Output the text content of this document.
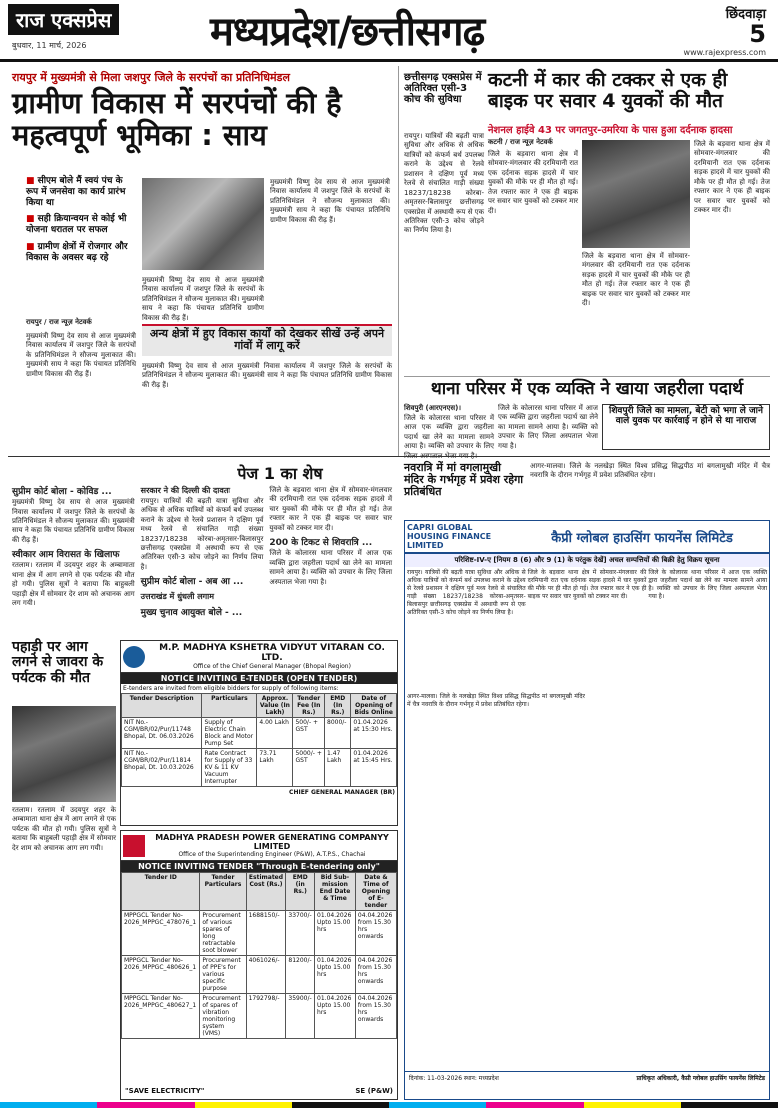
राज एक्सप्रेस
बुधवार, 11 मार्च, 2026	मध्यप्रदेश/छत्तीसगढ़	छिंदवाड़ा
5
www.rajexpress.com
रायपुर में मुख्यमंत्री से मिला जशपुर जिले के सरपंचों का प्रतिनिधिमंडल
ग्रामीण विकास में सरपंचों की है महत्वपूर्ण भूमिका : साय
■ सीएम बोले मैं स्वयं पंच के रूप में जनसेवा का कार्य प्रारंभ किया था
■ सही क्रियान्वयन से कोई भी योजना धरातल पर सफल
■ ग्रामीण क्षेत्रों में रोजगार और विकास के अवसर बढ़ रहे
रायपुर / राज न्यूज़ नेटवर्क
मुख्यमंत्री विष्णु देव साय से आज मुख्यमंत्री निवास कार्यालय में जशपुर जिले के सरपंचों के प्रतिनिधिमंडल ने सौजन्य मुलाकात की। मुख्यमंत्री साय ने कहा कि पंचायत प्रतिनिधि ग्रामीण विकास की रीढ़ हैं।
मुख्यमंत्री विष्णु देव साय से आज मुख्यमंत्री निवास कार्यालय में जशपुर जिले के सरपंचों के प्रतिनिधिमंडल ने सौजन्य मुलाकात की। मुख्यमंत्री साय ने कहा कि पंचायत प्रतिनिधि ग्रामीण विकास की रीढ़ हैं।
मुख्यमंत्री विष्णु देव साय से आज मुख्यमंत्री निवास कार्यालय में जशपुर जिले के सरपंचों के प्रतिनिधिमंडल ने सौजन्य मुलाकात की। मुख्यमंत्री साय ने कहा कि पंचायत प्रतिनिधि ग्रामीण विकास की रीढ़ हैं।
अन्य क्षेत्रों में हुए विकास कार्यों को देखकर सीखें उन्हें अपने गांवों में लागू करें
मुख्यमंत्री विष्णु देव साय से आज मुख्यमंत्री निवास कार्यालय में जशपुर जिले के सरपंचों के प्रतिनिधिमंडल ने सौजन्य मुलाकात की। मुख्यमंत्री साय ने कहा कि पंचायत प्रतिनिधि ग्रामीण विकास की रीढ़ हैं।
छत्तीसगढ़ एक्सप्रेस में अतिरिक्त एसी-3 कोच की सुविधा
रायपुर। यात्रियों की बढ़ती यात्रा सुविधा और अधिक से अधिक यात्रियों को कंफर्म बर्थ उपलब्ध कराने के उद्देश्य से रेलवे प्रशासन ने दक्षिण पूर्व मध्य रेलवे से संचालित गाड़ी संख्या 18237/18238 कोरबा-अमृतसर-बिलासपुर छत्तीसगढ़ एक्सप्रेस में अस्थायी रूप से एक अतिरिक्त एसी-3 कोच जोड़ने का निर्णय लिया है।
कटनी में कार की टक्कर से एक ही बाइक पर सवार 4 युवकों की मौत
नेशनल हाईवे 43 पर जगतपुर-उमरिया के पास हुआ दर्दनाक हादसा
कटनी / राज न्यूज़ नेटवर्क
जिले के बड़वारा थाना क्षेत्र में सोमवार-मंगलवार की दरमियानी रात एक दर्दनाक सड़क हादसे में चार युवकों की मौके पर ही मौत हो गई। तेज रफ्तार कार ने एक ही बाइक पर सवार चार युवकों को टक्कर मार दी।
जिले के बड़वारा थाना क्षेत्र में सोमवार-मंगलवार की दरमियानी रात एक दर्दनाक सड़क हादसे में चार युवकों की मौके पर ही मौत हो गई। तेज रफ्तार कार ने एक ही बाइक पर सवार चार युवकों को टक्कर मार दी।
जिले के बड़वारा थाना क्षेत्र में सोमवार-मंगलवार की दरमियानी रात एक दर्दनाक सड़क हादसे में चार युवकों की मौके पर ही मौत हो गई। तेज रफ्तार कार ने एक ही बाइक पर सवार चार युवकों को टक्कर मार दी।
थाना परिसर में एक व्यक्ति ने खाया जहरीला पदार्थ
शिवपुरी (आरएनएस)।
जिले के कोलारस थाना परिसर में आज एक व्यक्ति द्वारा जहरीला पदार्थ खा लेने का मामला सामने आया है। व्यक्ति को उपचार के लिए
जिले के कोलारस थाना परिसर में आज एक व्यक्ति द्वारा जहरीला पदार्थ खा लेने का मामला सामने आया है। व्यक्ति को उपचार के लिए जिला अस्पताल भेजा गया है।
शिवपुरी जिले का मामला, बेटी को भगा ले जाने वाले युवक पर कार्रवाई न होने से था नाराज
पेज 1 का शेष
सुप्रीम कोर्ट बोला - कोविड ...
मुख्यमंत्री विष्णु देव साय से आज मुख्यमंत्री निवास कार्यालय में जशपुर जिले के सरपंचों के प्रतिनिधिमंडल ने सौजन्य मुलाकात की। मुख्यमंत्री साय ने कहा कि पंचायत प्रतिनिधि ग्रामीण विकास की रीढ़ हैं।
स्वीकार आम विरासत के खिलाफ
रतलाम। रतलाम में उदयपुर शहर के अम्बामाता थाना क्षेत्र में आग लगने से एक पर्यटक की मौत हो गयी। पुलिस सूत्रों ने बताया कि बाहुबली पहाड़ी क्षेत्र में सोमवार देर शाम को अचानक आग लग गयी।
सरकार ने की दिल्ली की दावतः
रायपुर। यात्रियों की बढ़ती यात्रा सुविधा और अधिक से अधिक यात्रियों को कंफर्म बर्थ उपलब्ध कराने के उद्देश्य से रेलवे प्रशासन ने दक्षिण पूर्व मध्य रेलवे से संचालित गाड़ी संख्या 18237/18238 कोरबा-अमृतसर-बिलासपुर छत्तीसगढ़ एक्सप्रेस में अस्थायी रूप से एक अतिरिक्त एसी-3 कोच जोड़ने का निर्णय लिया है।
सुप्रीम कोर्ट बोला - अब आ ...
उत्तराखंड में धुंधली लगाम
मुख्य चुनाव आयुक्त बोले - ...
जिले के बड़वारा थाना क्षेत्र में सोमवार-मंगलवार की दरमियानी रात एक दर्दनाक सड़क हादसे में चार युवकों की मौके पर ही मौत हो गई। तेज रफ्तार कार ने एक ही बाइक पर सवार चार युवकों को टक्कर मार दी।
200 के टिकट से शिवरात्रि ...
जिले के कोलारस थाना परिसर में आज एक व्यक्ति द्वारा जहरीला पदार्थ खा लेने का मामला सामने आया है। व्यक्ति को उपचार के लिए जिला अस्पताल भेजा गया है।
नवरात्रि में मां वगलामुखी मंदिर के गर्भगृह में प्रवेश रहेगा प्रतिबंधित
आगर-मालवा। जिले के नलखेड़ा स्थित विश्व प्रसिद्ध सिद्धपीठ मां बगलामुखी मंदिर में चैत्र नवरात्रि के दौरान गर्भगृह में प्रवेश प्रतिबंधित रहेगा।
CAPRI GLOBAL HOUSING FINANCE LIMITED	कैप्री ग्लोबल हाउसिंग फायनेंस लिमिटेड
परिशिष्ट-IV-ए [नियम 8 (6) और 9 (1) के परंतुक देखें] अचल सम्पत्तियों की बिक्री हेतु विक्रय सूचना
रायपुर। यात्रियों की बढ़ती यात्रा सुविधा और अधिक से अधिक यात्रियों को कंफर्म बर्थ उपलब्ध कराने के उद्देश्य से रेलवे प्रशासन ने दक्षिण पूर्व मध्य रेलवे से संचालित गाड़ी संख्या 18237/18238 कोरबा-अमृतसर-बिलासपुर छत्तीसगढ़ एक्सप्रेस में अस्थायी रूप से एक अतिरिक्त एसी-3 कोच जोड़ने का निर्णय लिया है।
जिले के बड़वारा थाना क्षेत्र में सोमवार-मंगलवार की दरमियानी रात एक दर्दनाक सड़क हादसे में चार युवकों की मौके पर ही मौत हो गई। तेज रफ्तार कार ने एक ही बाइक पर सवार चार युवकों को टक्कर मार दी।
जिले के कोलारस थाना परिसर में आज एक व्यक्ति द्वारा जहरीला पदार्थ खा लेने का मामला सामने आया है। व्यक्ति को उपचार के लिए जिला अस्पताल भेजा गया है।
आगर-मालवा। जिले के नलखेड़ा स्थित विश्व प्रसिद्ध सिद्धपीठ मां बगलामुखी मंदिर में चैत्र नवरात्रि के दौरान गर्भगृह में प्रवेश प्रतिबंधित रहेगा।
दिनांक: 11-03-2026 स्थान: मध्यप्रदेश	प्राधिकृत अधिकारी, कैप्री ग्लोबल हाउसिंग फायनेंस लिमिटेड
पहाड़ी पर आग लगने से जावरा के पर्यटक की मौत
रतलाम। रतलाम में उदयपुर शहर के अम्बामाता थाना क्षेत्र में आग लगने से एक पर्यटक की मौत हो गयी। पुलिस सूत्रों ने बताया कि बाहुबली पहाड़ी क्षेत्र में सोमवार देर शाम को अचानक आग लग गयी।
M.P. MADHYA KSHETRA VIDYUT VITARAN CO. LTD.
Office of the Chief General Manager (Bhopal Region)
NOTICE INVITING E-TENDER (OPEN TENDER)
E-tenders are invited from eligible bidders for supply of following items:
Tender Description	Particulars	Approx. Value (In Lakh)	Tender Fee (In Rs.)	EMD (In Rs.)	Date of Opening of Bids Online
NIT No.- CGM/BR/02/Pur/11748 Bhopal, Dt. 06.03.2026	Supply of Electric Chain Block and Motor Pump Set	4.00 Lakh	500/- + GST	8000/-	01.04.2026 at 15:30 Hrs.
NIT No.- CGM/BR/02/Pur/11814 Bhopal, Dt. 10.03.2026	Rate Contract for Supply of 33 KV & 11 KV Vacuum Interrupter	73.71 Lakh	5000/- + GST	1.47 Lakh	01.04.2026 at 15:45 Hrs.
CHIEF GENERAL MANAGER (BR)
MADHYA PRADESH POWER GENERATING COMPANYY LIMITED
Office of the Superintending Engineer (P&W), A.T.P.S., Chachai
NOTICE INVITING TENDER "Through E-tendering only"
Tender ID	Tender Particulars	Estimated Cost (Rs.)	EMD (in Rs.)	Bid Sub-mission End Date & Time	Date & Time of Opening of E-tender
MPPGCL Tender No-2026_MPPGC_478076_1	Procurement of various spares of long retractable soot blower	1688150/-	33700/-	01.04.2026 Upto 15.00 hrs	04.04.2026 from 15.30 hrs onwards
MPPGCL Tender No-2026_MPPGC_480626_1	Procurement of PPE's for various specific purpose	4061026/-	81200/-	01.04.2026 Upto 15.00 hrs	04.04.2026 from 15.30 hrs onwards
MPPGCL Tender No-2026_MPPGC_480627_1	Procurement of spares of vibration monitoring system (VMS)	1792798/-	35900/-	01.04.2026 Upto 15.00 hrs	04.04.2026 from 15.30 hrs onwards
"SAVE ELECTRICITY"	SE (P&W)
